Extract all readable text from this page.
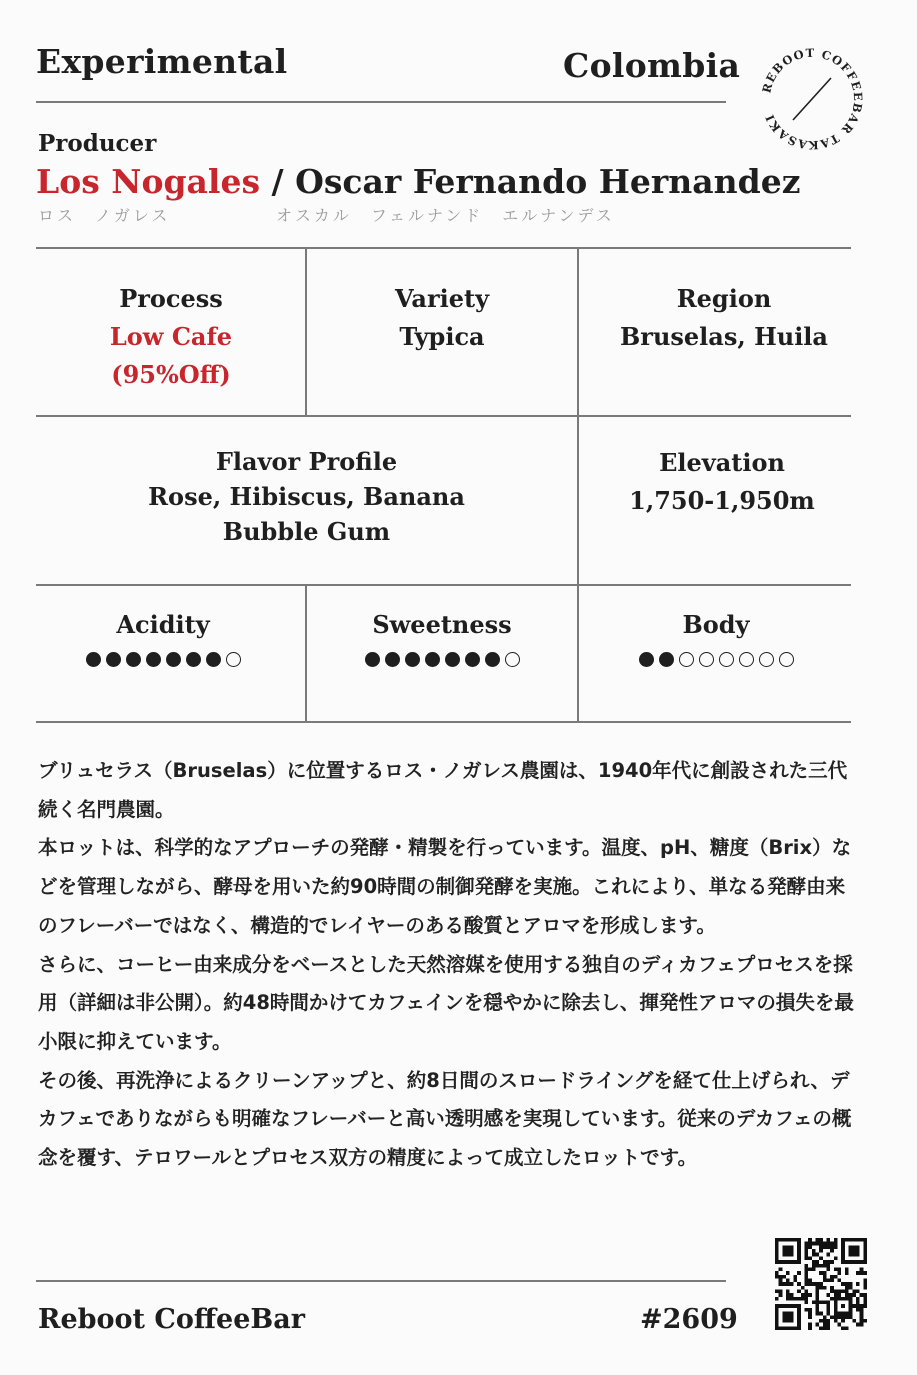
Experimental	Colombia
REBOOT COFFEEBAR TAKASAKI
Producer
Los Nogales / Oscar Fernando Hernandez
ロス　ノガレス	オスカル　フェルナンド　エルナンデス
Process
Low Cafe
(95%Off)
Variety
Typica
Region
Bruselas, Huila
Flavor Profile
Rose, Hibiscus, Banana
Bubble Gum
Elevation
1,750-1,950m
Acidity	Sweetness	Body

ブリュセラス（Bruselas）に位置するロス・ノガレス農園は、1940年代に創設された三代続く名門農園。

本ロットは、科学的なアプローチの発酵・精製を行っています。温度、pH、糖度（Brix）などを管理しながら、酵母を用いた約90時間の制御発酵を実施。これにより、単なる発酵由来のフレーバーではなく、構造的でレイヤーのある酸質とアロマを形成します。

さらに、コーヒー由来成分をベースとした天然溶媒を使用する独自のディカフェプロセスを採用（詳細は非公開）。約48時間かけてカフェインを穏やかに除去し、揮発性アロマの損失を最小限に抑えています。

その後、再洗浄によるクリーンアップと、約8日間のスロードライングを経て仕上げられ、デカフェでありながらも明確なフレーバーと高い透明感を実現しています。従来のデカフェの概念を覆す、テロワールとプロセス双方の精度によって成立したロットです。

Reboot CoffeeBar	#2609
